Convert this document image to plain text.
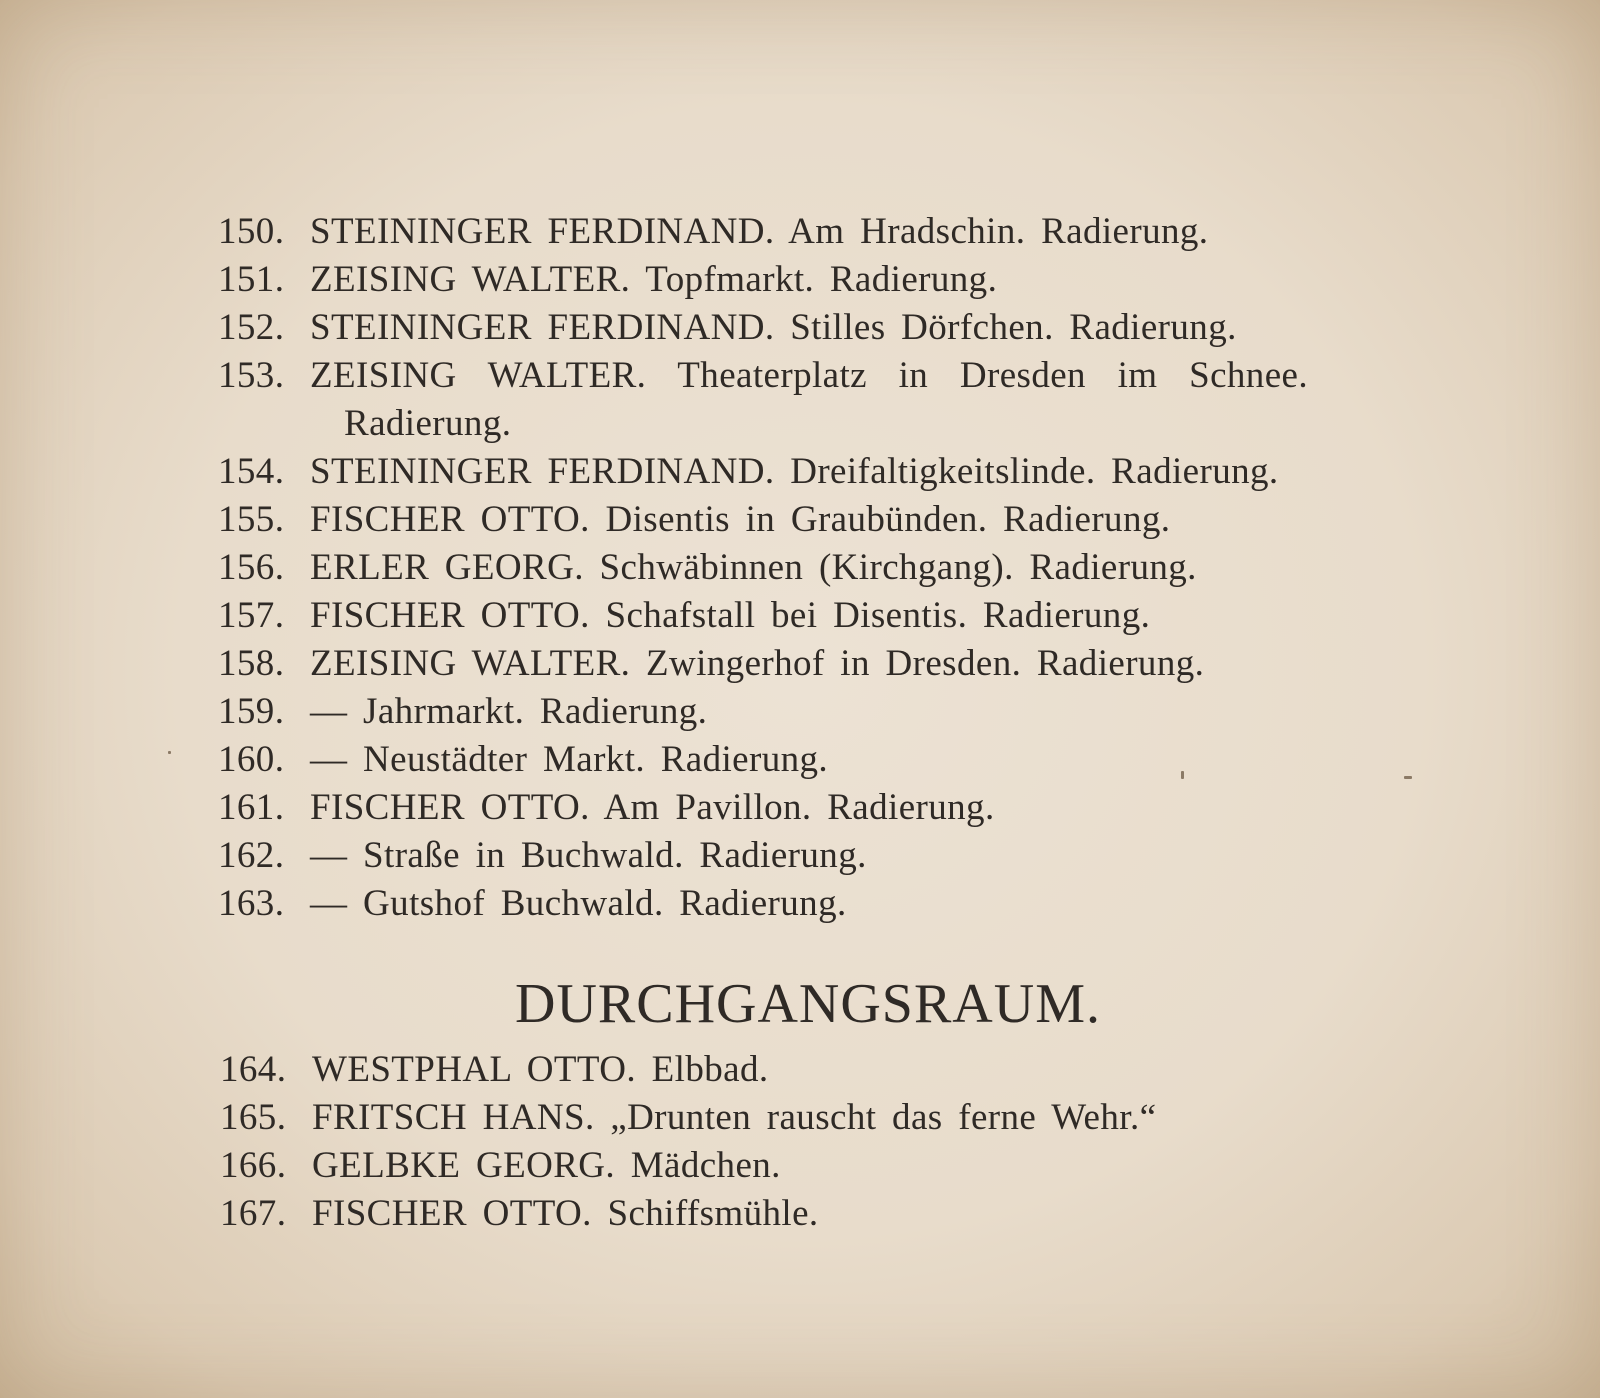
150. STEININGER FERDINAND. Am Hradschin. Radierung.
151. ZEISING WALTER. Topfmarkt. Radierung.
152. STEININGER FERDINAND. Stilles Dörfchen. Radierung.
153. ZEISING WALTER. Theaterplatz in Dresden im Schnee.
Radierung.
154. STEININGER FERDINAND. Dreifaltigkeitslinde. Radierung.
155. FISCHER OTTO. Disentis in Graubünden. Radierung.
156. ERLER GEORG. Schwäbinnen (Kirchgang). Radierung.
157. FISCHER OTTO. Schafstall bei Disentis. Radierung.
158. ZEISING WALTER. Zwingerhof in Dresden. Radierung.
159. — Jahrmarkt. Radierung.
160. — Neustädter Markt. Radierung.
161. FISCHER OTTO. Am Pavillon. Radierung.
162. — Straße in Buchwald. Radierung.
163. — Gutshof Buchwald. Radierung.
DURCHGANGSRAUM.
164. WESTPHAL OTTO. Elbbad.
165. FRITSCH HANS. „Drunten rauscht das ferne Wehr.“
166. GELBKE GEORG. Mädchen.
167. FISCHER OTTO. Schiffsmühle.
